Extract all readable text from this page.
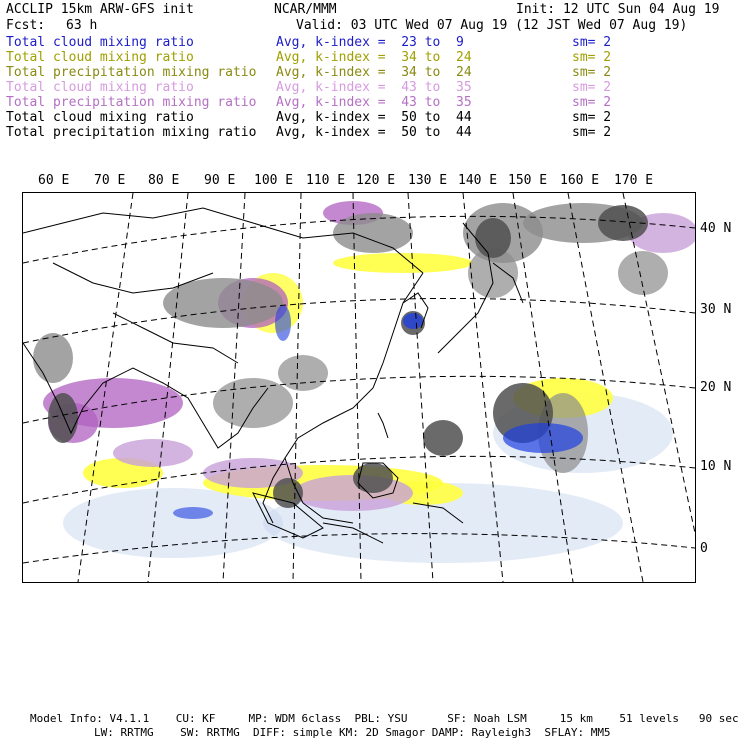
ACCLIP 15km ARW-GFS init	NCAR/MMM	Init: 12 UTC Sun 04 Aug 19
Fcst: 63 h	Valid: 03 UTC Wed 07 Aug 19 (12 JST Wed 07 Aug 19)
Total cloud mixing ratio	Avg, k-index =  23 to  9	sm= 2
Total cloud mixing ratio	Avg, k-index =  34 to  24	sm= 2
Total precipitation mixing ratio Avg, k-index =  34 to  24	sm= 2
Total cloud mixing ratio	Avg, k-index =  43 to  35	sm= 2
Total precipitation mixing ratio Avg, k-index =  43 to  35	sm= 2
Total cloud mixing ratio	Avg, k-index =  50 to  44	sm= 2
Total precipitation mixing ratio Avg, k-index =  50 to  44	sm= 2
60 E 70 E 80 E 90 E 100 E 110 E 120 E 130 E 140 E 150 E 160 E 170 E
40 N
30 N
20 N
10 N
0
Model Info: V4.1.1    CU: KF     MP: WDM 6class  PBL: YSU      SF: Noah LSM     15 km    51 levels   90 sec
LW: RRTMG    SW: RRTMG  DIFF: simple KM: 2D Smagor DAMP: Rayleigh3  SFLAY: MM5
